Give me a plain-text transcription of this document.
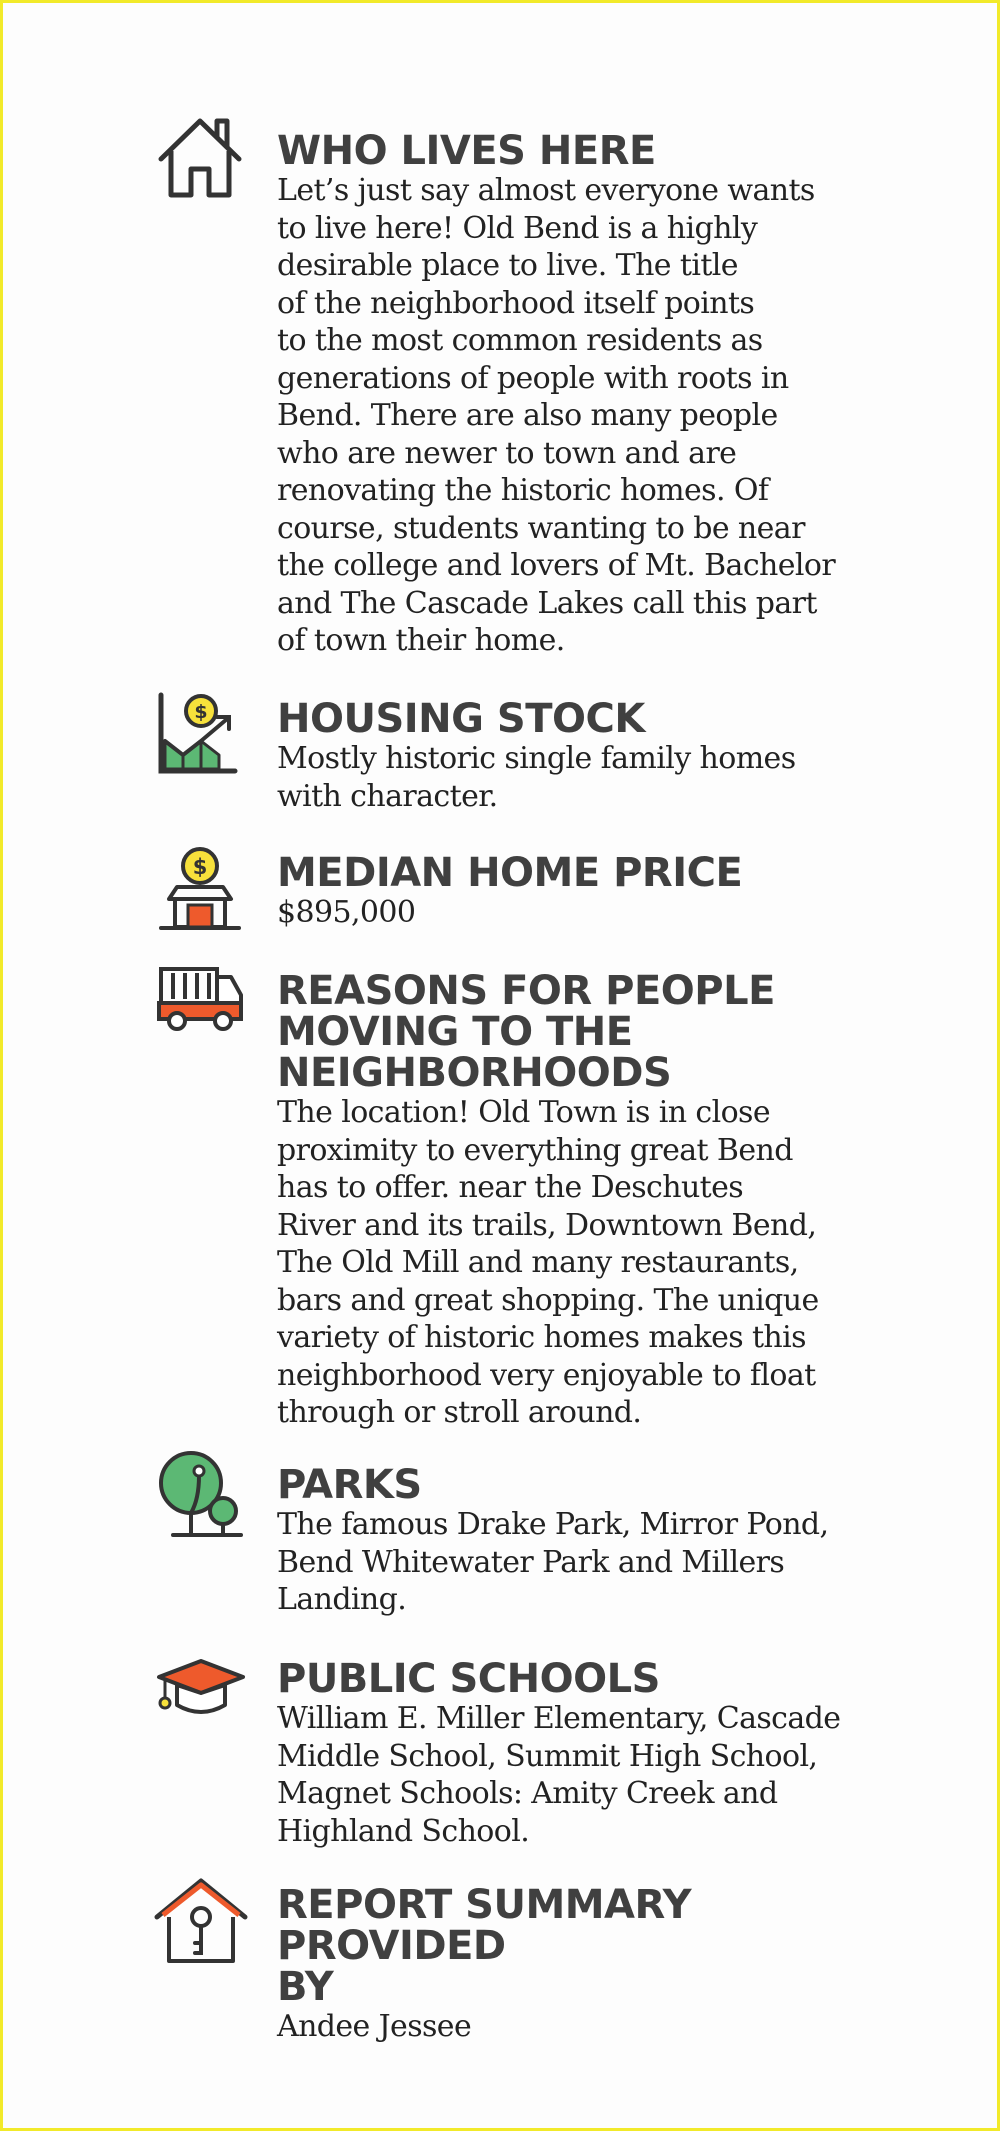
WHO LIVES HERE

Let’s just say almost everyone wants
to live here! Old Bend is a highly
desirable place to live. The title
of the neighborhood itself points
to the most common residents as
generations of people with roots in
Bend. There are also many people
who are newer to town and are
renovating the historic homes. Of
course, students wanting to be near
the college and lovers of Mt. Bachelor
and The Cascade Lakes call this part
of town their home.

$ HOUSING STOCK

Mostly historic single family homes
with character.

$ MEDIAN HOME PRICE

$895,000

REASONS FOR PEOPLE
MOVING TO THE
NEIGHBORHOODS

The location! Old Town is in close
proximity to everything great Bend
has to offer. near the Deschutes
River and its trails, Downtown Bend,
The Old Mill and many restaurants,
bars and great shopping. The unique
variety of historic homes makes this
neighborhood very enjoyable to float
through or stroll around.

PARKS

The famous Drake Park, Mirror Pond,
Bend Whitewater Park and Millers
Landing.

PUBLIC SCHOOLS

William E. Miller Elementary, Cascade
Middle School, Summit High School,
Magnet Schools: Amity Creek and
Highland School.

REPORT SUMMARY PROVIDED
BY

Andee Jessee
